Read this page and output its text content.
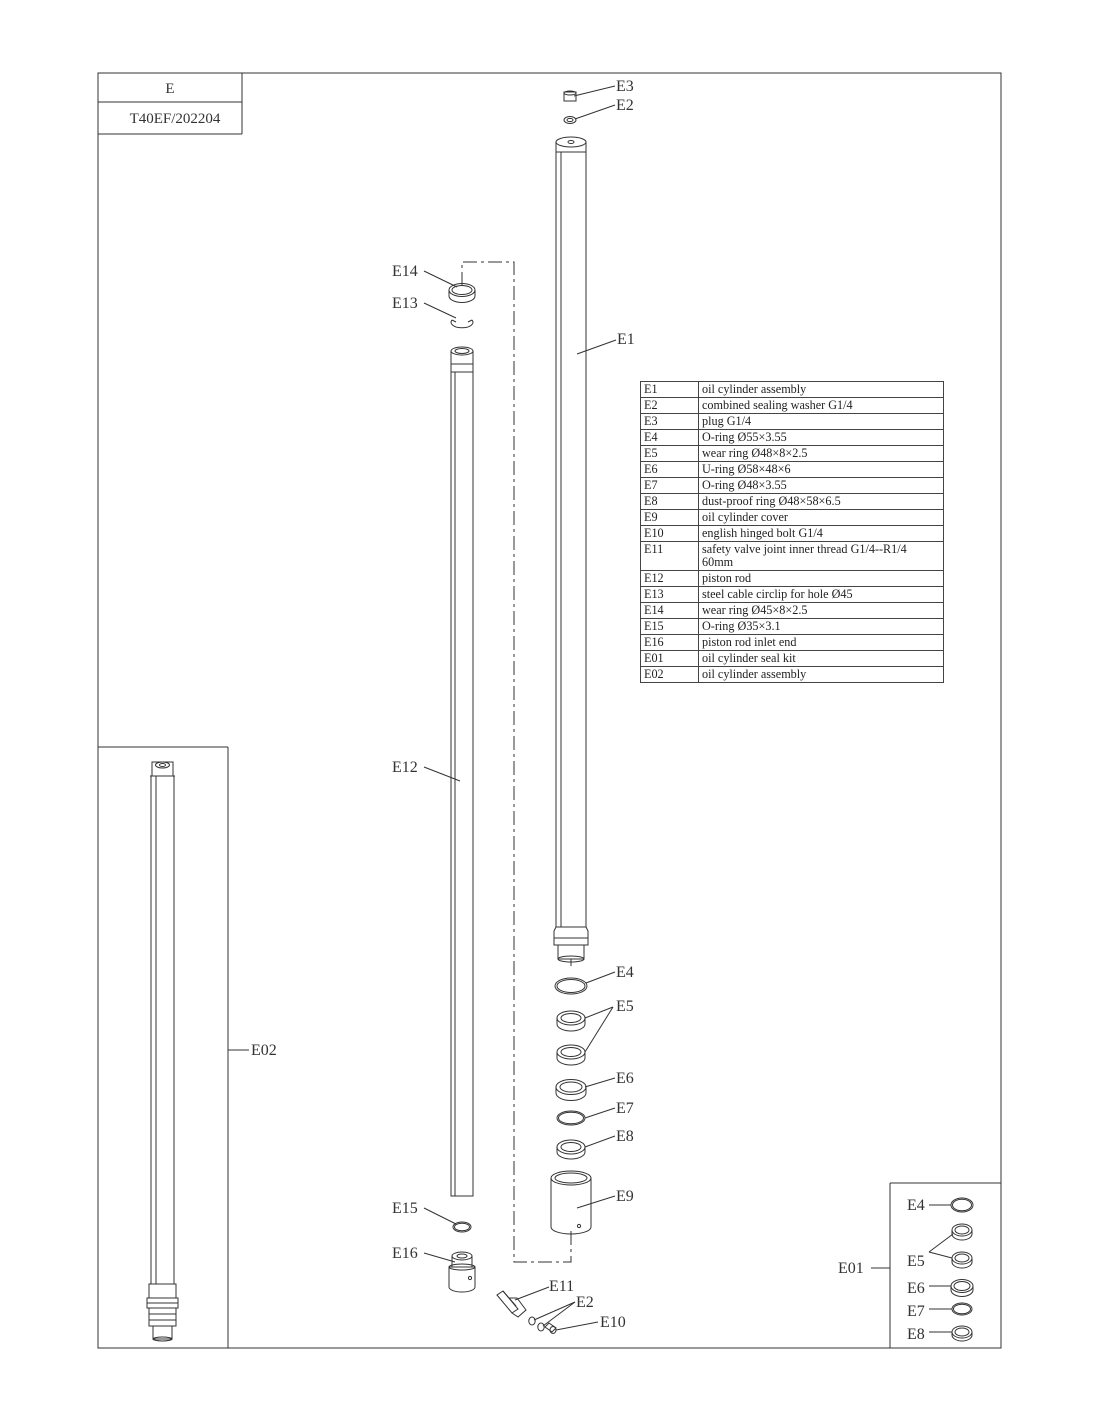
E
T40EF/202204
E3
E2
E1
E4
E5
E6
E7
E8
E9
E14
E13
E12
E15
E16
E11
E2
E10
E02
E01
E4
E5
E6
E7
E8
E1	oil cylinder assembly
E2	combined sealing washer G1/4
E3	plug G1/4
E4	O-ring Ø55×3.55
E5	wear ring Ø48×8×2.5
E6	U-ring Ø58×48×6
E7	O-ring Ø48×3.55
E8	dust-proof ring Ø48×58×6.5
E9	oil cylinder cover
E10	english hinged bolt G1/4
E11	safety valve joint inner thread G1/4--R1/4 60mm
E12	piston rod
E13	steel cable circlip for hole Ø45
E14	wear ring Ø45×8×2.5
E15	O-ring Ø35×3.1
E16	piston rod inlet end
E01	oil cylinder seal kit
E02	oil cylinder assembly
